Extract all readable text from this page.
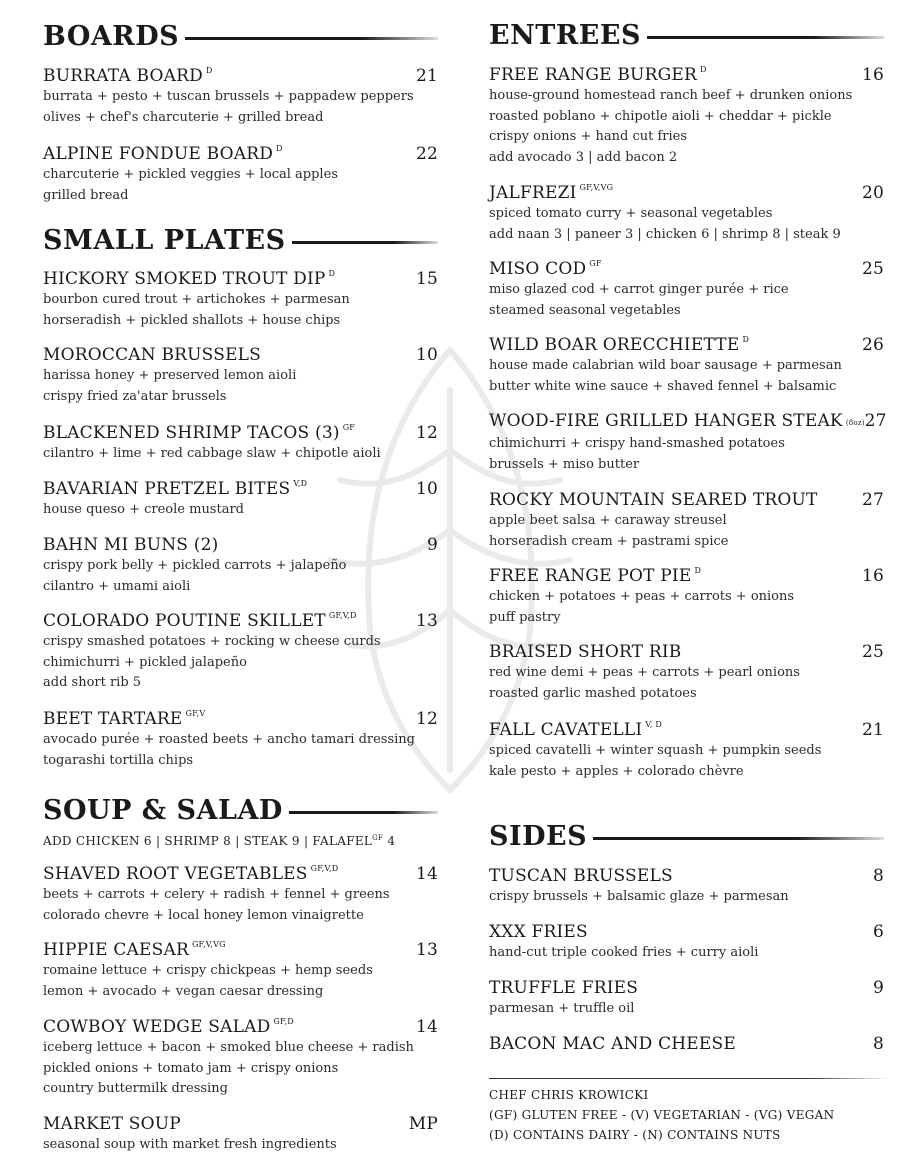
BOARDS
BURRATA BOARD $^D$	21
burrata + pesto + tuscan brussels + pappadew peppers
olives + chef's charcuterie + grilled bread
ALPINE FONDUE BOARD $^D$	22
charcuterie + pickled veggies + local apples
grilled bread
SMALL PLATES
HICKORY SMOKED TROUT DIP $^D$	15
bourbon cured trout + artichokes + parmesan
horseradish + pickled shallots + house chips
MOROCCAN BRUSSELS	10
harissa honey + preserved lemon aioli
crispy fried za'atar brussels
BLACKENED SHRIMP TACOS (3) $^{GF}$	12
cilantro + lime + red cabbage slaw + chipotle aioli
BAVARIAN PRETZEL BITES $^{V,D}$	10
house queso + creole mustard
BAHN MI BUNS (2)	9
crispy pork belly + pickled carrots + jalapeño
cilantro + umami aioli
COLORADO POUTINE SKILLET $^{GF,V,D}$	13
crispy smashed potatoes + rocking w cheese curds
chimichurri + pickled jalapeño
add short rib 5
BEET TARTARE $^{GF,V}$	12
avocado purée + roasted beets + ancho tamari dressing
togarashi tortilla chips
SOUP & SALAD
ADD CHICKEN 6 | SHRIMP 8 | STEAK 9 | $FALAFEL^{GF}$ 4
SHAVED ROOT VEGETABLES $^{GF,V,D}$	14
beets + carrots + celery + radish + fennel + greens
colorado chevre + local honey lemon vinaigrette
HIPPIE CAESAR $^{GF,V,VG}$	13
romaine lettuce + crispy chickpeas + hemp seeds
lemon + avocado + vegan caesar dressing
COWBOY WEDGE SALAD $^{GF,D}$	14
iceberg lettuce + bacon + smoked blue cheese + radish
pickled onions + tomato jam + crispy onions
country buttermilk dressing
MARKET SOUP	MP
seasonal soup with market fresh ingredients
ENTREES
FREE RANGE BURGER $^D$	16
house-ground homestead ranch beef + drunken onions
roasted poblano + chipotle aioli + cheddar + pickle
crispy onions + hand cut fries
add avocado 3 | add bacon 2
JALFREZI $^{GF,V,VG}$	20
spiced tomato curry + seasonal vegetables
add naan 3 | paneer 3 | chicken 6 | shrimp 8 | steak 9
MISO COD $^{GF}$	25
miso glazed cod + carrot ginger purée + rice
steamed seasonal vegetables
WILD BOAR ORECCHIETTE $^D$	26
house made calabrian wild boar sausage + parmesan
butter white wine sauce + shaved fennel + balsamic
WOOD-FIRE GRILLED HANGER STEAK (8oz) 27
chimichurri + crispy hand-smashed potatoes
brussels + miso butter
ROCKY MOUNTAIN SEARED TROUT	27
apple beet salsa + caraway streusel
horseradish cream + pastrami spice
FREE RANGE POT PIE $^D$	16
chicken + potatoes + peas + carrots + onions
puff pastry
BRAISED SHORT RIB	25
red wine demi + peas + carrots + pearl onions
roasted garlic mashed potatoes
FALL CAVATELLI $^{V, D}$	21
spiced cavatelli + winter squash + pumpkin seeds
kale pesto + apples + colorado chèvre
SIDES
TUSCAN BRUSSELS	8
crispy brussels + balsamic glaze + parmesan
XXX FRIES	6
hand-cut triple cooked fries + curry aioli
TRUFFLE FRIES	9
parmesan + truffle oil
BACON MAC AND CHEESE	8
CHEF CHRIS KROWICKI
(GF) GLUTEN FREE - (V) VEGETARIAN - (VG) VEGAN
(D) CONTAINS DAIRY - (N) CONTAINS NUTS
